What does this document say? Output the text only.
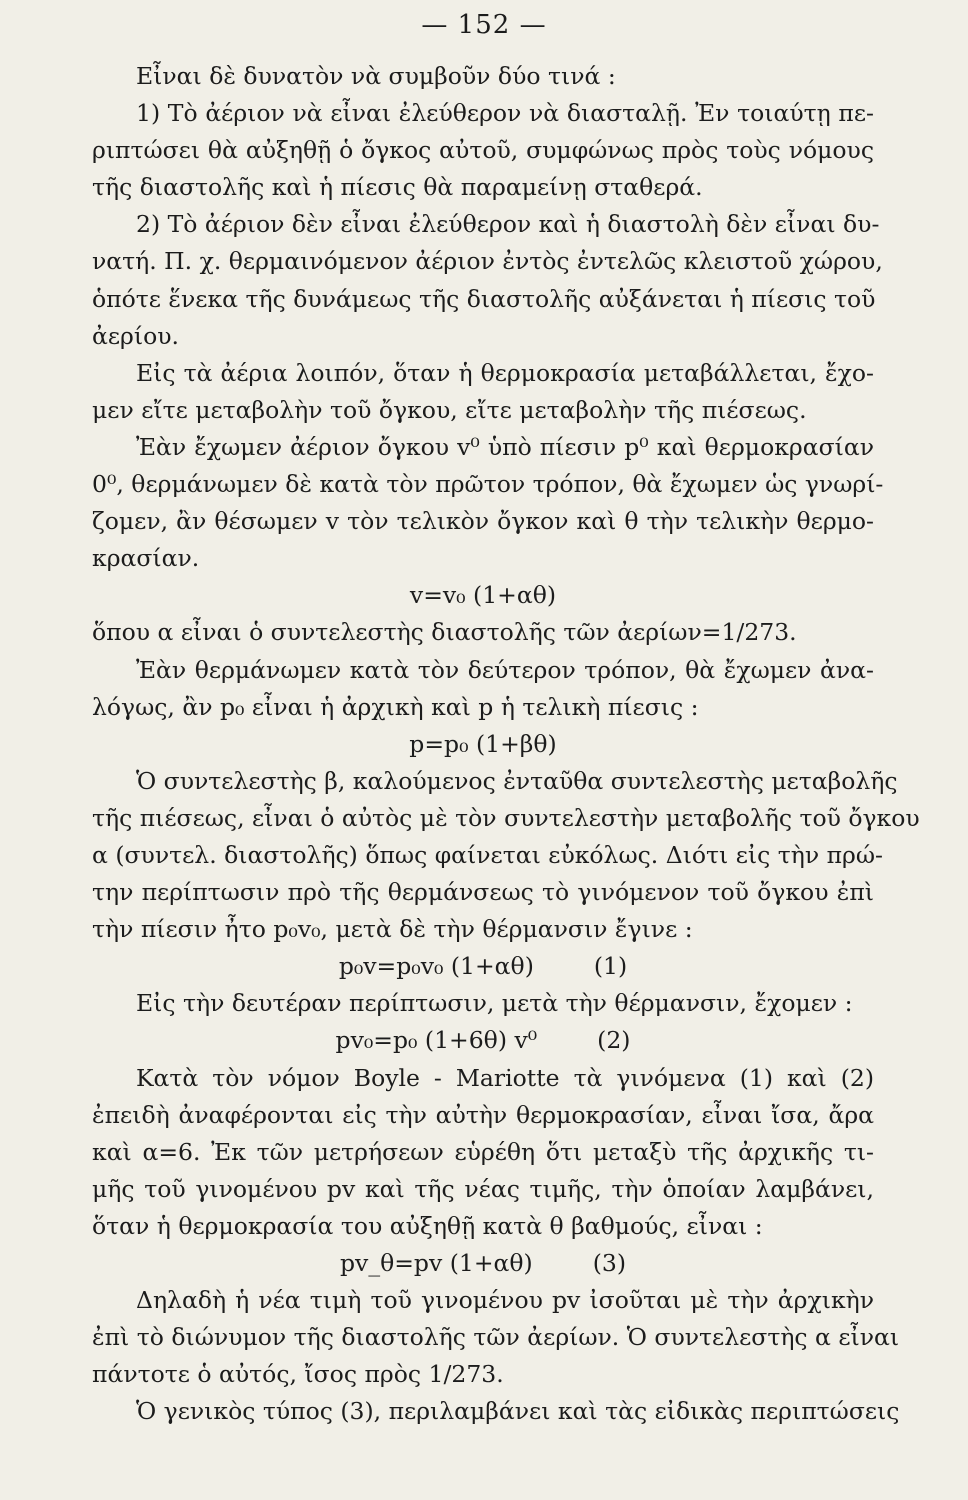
— 152 —
Εἶναι δὲ δυνατὸν νὰ συμβοῦν δύο τινά :
1) Τὸ ἀέριον νὰ εἶναι ἐλεύθερον νὰ διασταλῇ. Ἐν τοιαύτῃ πε-
ριπτώσει θὰ αὐξηθῇ ὁ ὄγκος αὐτοῦ, συμφώνως πρὸς τοὺς νόμους
τῆς διαστολῆς καὶ ἡ πίεσις θὰ παραμείνῃ σταθερά.
2) Τὸ ἀέριον δὲν εἶναι ἐλεύθερον καὶ ἡ διαστολὴ δὲν εἶναι δυ-
νατή. Π. χ. θερμαινόμενον ἀέριον ἐντὸς ἐντελῶς κλειστοῦ χώρου,
ὁπότε ἕνεκα τῆς δυνάμεως τῆς διαστολῆς αὐξάνεται ἡ πίεσις τοῦ
ἀερίου.
Εἰς τὰ ἀέρια λοιπόν, ὅταν ἡ θερμοκρασία μεταβάλλεται, ἔχο-
μεν εἴτε μεταβολὴν τοῦ ὄγκου, εἴτε μεταβολὴν τῆς πιέσεως.
Ἐὰν ἔχωμεν ἀέριον ὄγκου v⁰ ὑπὸ πίεσιν p⁰ καὶ θερμοκρασίαν
0⁰, θερμάνωμεν δὲ κατὰ τὸν πρῶτον τρόπον, θὰ ἔχωμεν ὡς γνωρί-
ζομεν, ἂν θέσωμεν v τὸν τελικὸν ὄγκον καὶ θ τὴν τελικὴν θερμο-
κρασίαν.
v=v₀ (1+αθ)
ὅπου α εἶναι ὁ συντελεστὴς διαστολῆς τῶν ἀερίων=1/273.
Ἐὰν θερμάνωμεν κατὰ τὸν δεύτερον τρόπον, θὰ ἔχωμεν ἀνα-
λόγως, ἂν p₀ εἶναι ἡ ἀρχικὴ καὶ p ἡ τελικὴ πίεσις :
p=p₀ (1+βθ)
Ὁ συντελεστὴς β, καλούμενος ἐνταῦθα συντελεστὴς μεταβολῆς
τῆς πιέσεως, εἶναι ὁ αὐτὸς μὲ τὸν συντελεστὴν μεταβολῆς τοῦ ὄγκου
α (συντελ. διαστολῆς) ὅπως φαίνεται εὐκόλως. Διότι εἰς τὴν πρώ-
την περίπτωσιν πρὸ τῆς θερμάνσεως τὸ γινόμενον τοῦ ὄγκου ἐπὶ
τὴν πίεσιν ἦτο p₀v₀, μετὰ δὲ τὴν θέρμανσιν ἔγινε :
p₀v=p₀v₀ (1+αθ)	(1)
Εἰς τὴν δευτέραν περίπτωσιν, μετὰ τὴν θέρμανσιν, ἔχομεν :
pv₀=p₀ (1+6θ) v⁰	(2)
Κατὰ τὸν νόμον Boyle - Mariotte τὰ γινόμενα (1) καὶ (2)
ἐπειδὴ ἀναφέρονται εἰς τὴν αὐτὴν θερμοκρασίαν, εἶναι ἴσα, ἄρα
καὶ α=6. Ἐκ τῶν μετρήσεων εὑρέθη ὅτι μεταξὺ τῆς ἀρχικῆς τι-
μῆς τοῦ γινομένου pv καὶ τῆς νέας τιμῆς, τὴν ὁποίαν λαμβάνει,
ὅταν ἡ θερμοκρασία του αὐξηθῇ κατὰ θ βαθμούς, εἶναι :
pv_θ=pv (1+αθ)	(3)
Δηλαδὴ ἡ νέα τιμὴ τοῦ γινομένου pv ἰσοῦται μὲ τὴν ἀρχικὴν
ἐπὶ τὸ διώνυμον τῆς διαστολῆς τῶν ἀερίων. Ὁ συντελεστὴς α εἶναι
πάντοτε ὁ αὐτός, ἴσος πρὸς 1/273.
Ὁ γενικὸς τύπος (3), περιλαμβάνει καὶ τὰς εἰδικὰς περιπτώσεις
